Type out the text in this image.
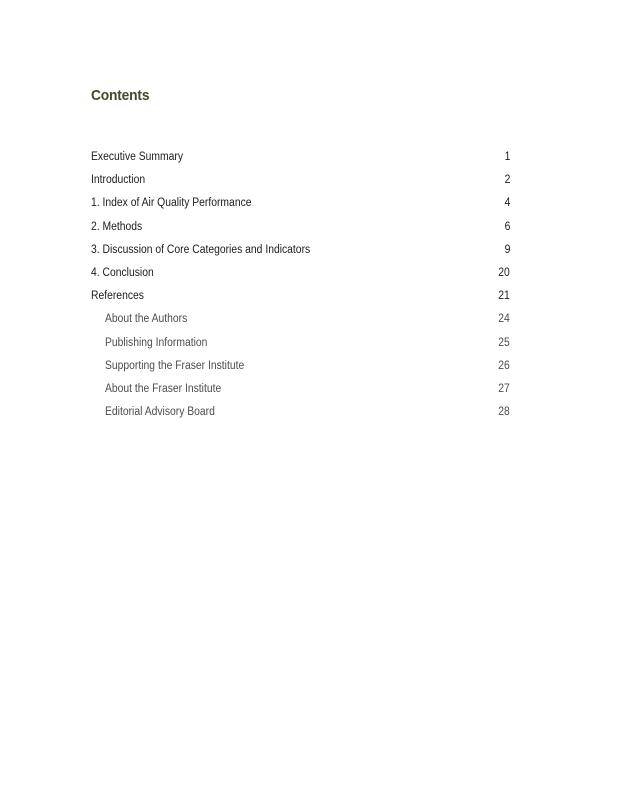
Contents
Executive Summary	1
Introduction	2
1. Index of Air Quality Performance	4
2. Methods	6
3. Discussion of Core Categories and Indicators	9
4. Conclusion	20
References	21
About the Authors	24
Publishing Information	25
Supporting the Fraser Institute	26
About the Fraser Institute	27
Editorial Advisory Board	28
